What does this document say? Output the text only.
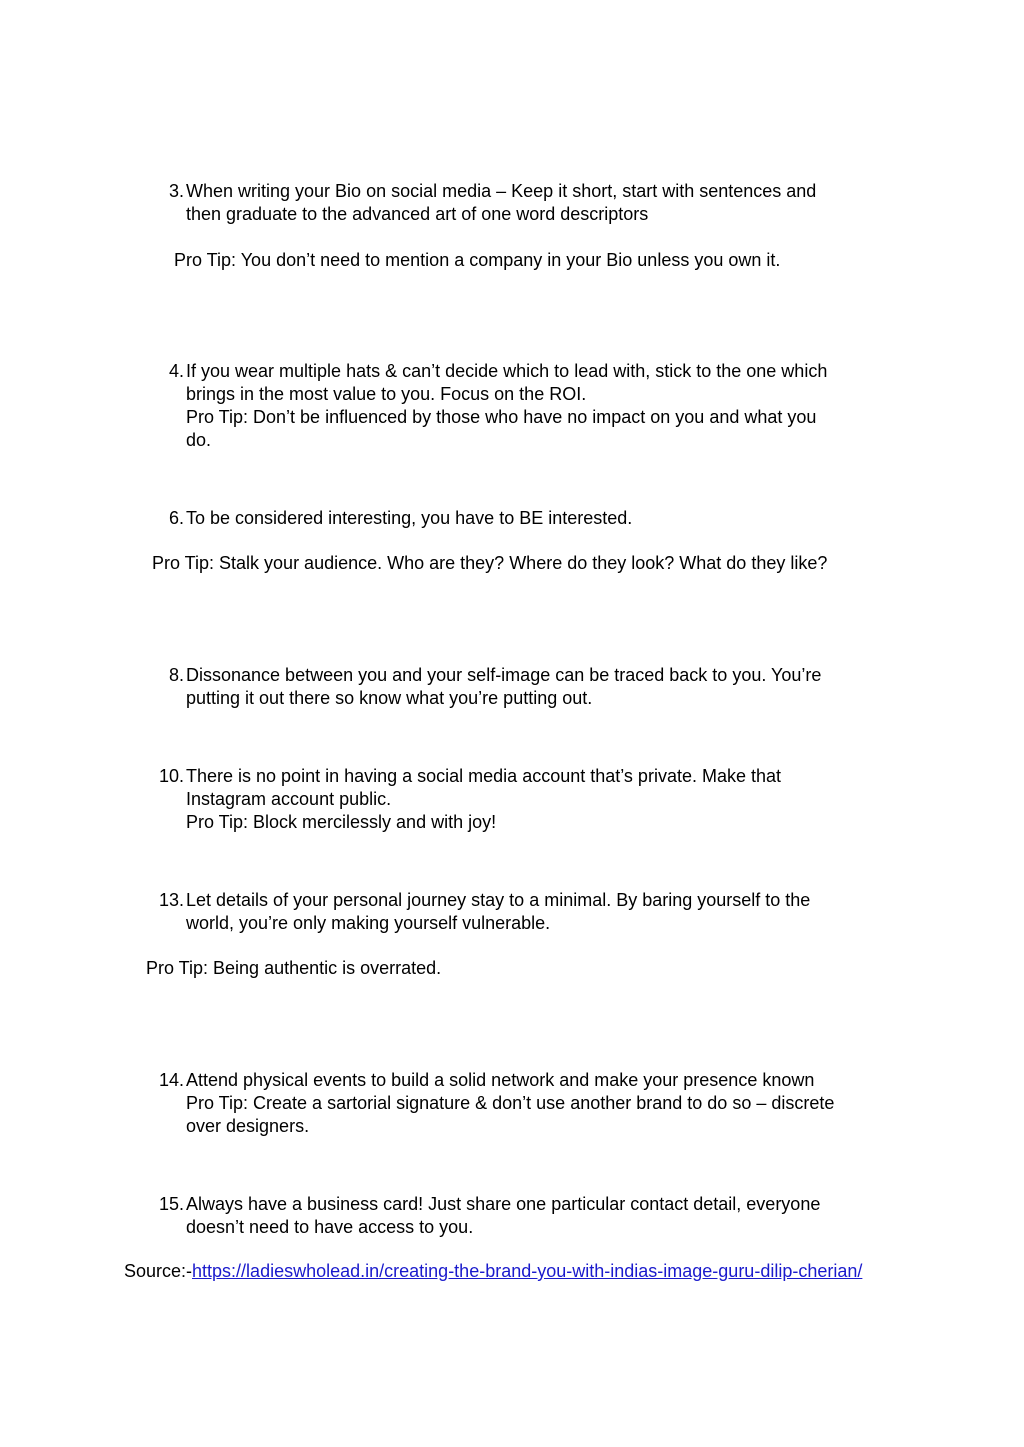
3. When writing your Bio on social media – Keep it short, start with sentences and
then graduate to the advanced art of one word descriptors
Pro Tip: You don’t need to mention a company in your Bio unless you own it.
4. If you wear multiple hats & can’t decide which to lead with, stick to the one which
brings in the most value to you. Focus on the ROI.
Pro Tip: Don’t be influenced by those who have no impact on you and what you
do.
6. To be considered interesting, you have to BE interested.
Pro Tip: Stalk your audience. Who are they? Where do they look? What do they like?
8. Dissonance between you and your self-image can be traced back to you. You’re
putting it out there so know what you’re putting out.
10. There is no point in having a social media account that’s private. Make that
Instagram account public.
Pro Tip: Block mercilessly and with joy!
13. Let details of your personal journey stay to a minimal. By baring yourself to the
world, you’re only making yourself vulnerable.
Pro Tip: Being authentic is overrated.
14. Attend physical events to build a solid network and make your presence known
Pro Tip: Create a sartorial signature & don’t use another brand to do so – discrete
over designers.
15. Always have a business card! Just share one particular contact detail, everyone
doesn’t need to have access to you.
Source:-https://ladieswholead.in/creating-the-brand-you-with-indias-image-guru-dilip-cherian/
